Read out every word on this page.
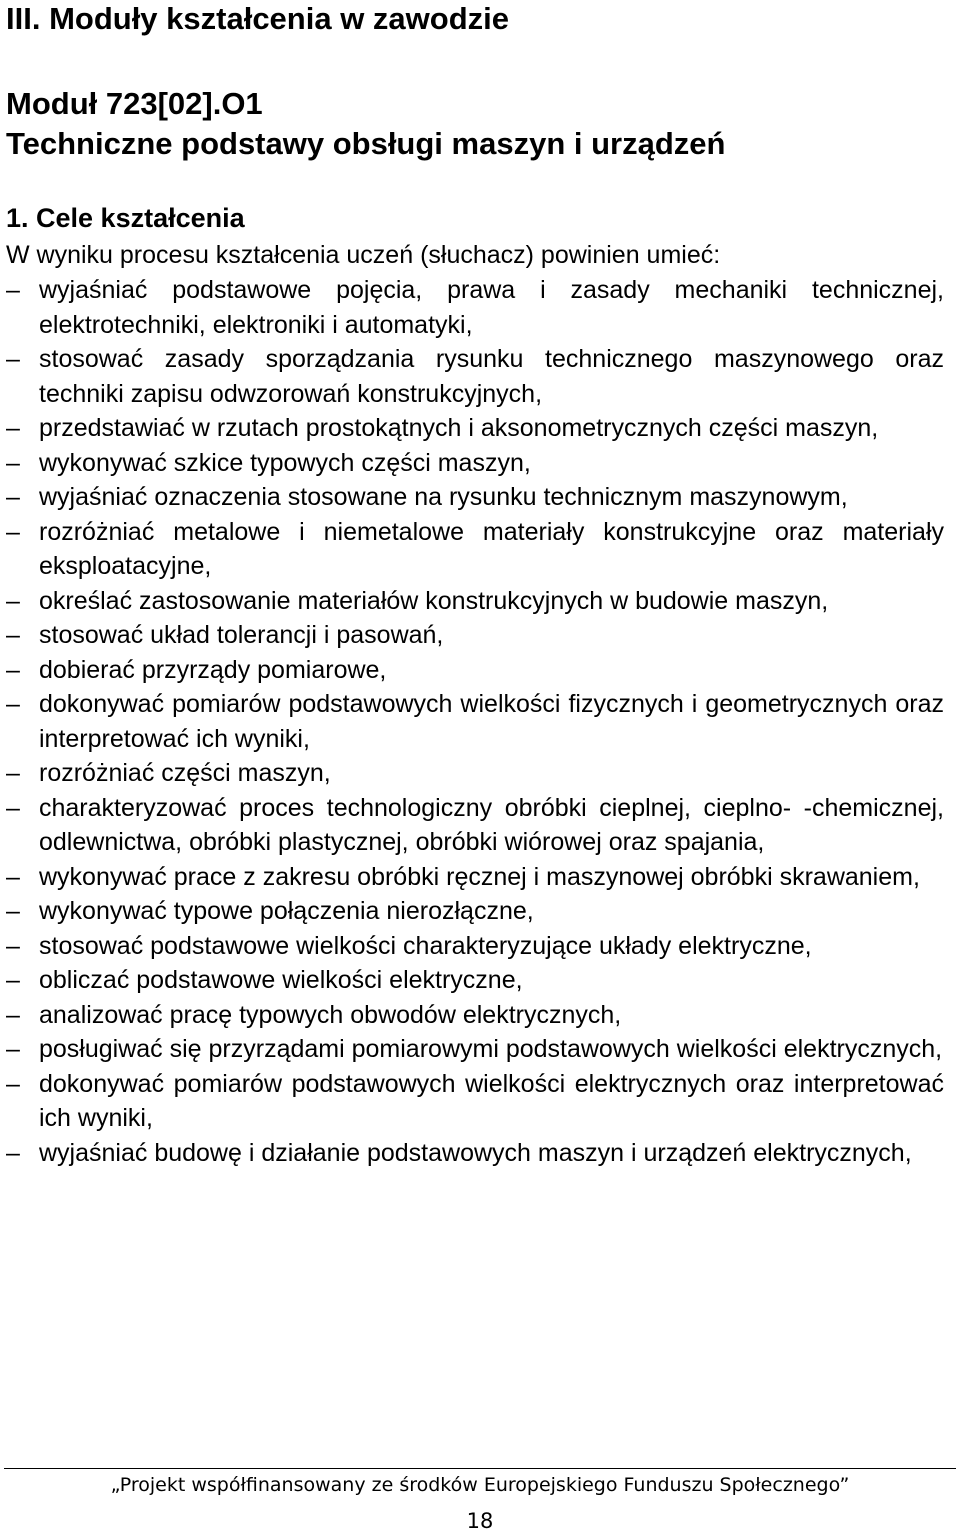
III. Moduły kształcenia w zawodzie
Moduł 723[02].O1
Techniczne podstawy obsługi maszyn i urządzeń
1. Cele kształcenia
W wyniku procesu kształcenia uczeń (słuchacz) powinien umieć:
– wyjaśniać podstawowe pojęcia, prawa i zasady mechaniki technicznej, elektrotechniki, elektroniki i automatyki,
– stosować zasady sporządzania rysunku technicznego maszynowego oraz techniki zapisu odwzorowań konstrukcyjnych,
– przedstawiać w rzutach prostokątnych i aksonometrycznych części maszyn,
– wykonywać szkice typowych części maszyn,
– wyjaśniać oznaczenia stosowane na rysunku technicznym maszynowym,
– rozróżniać metalowe i niemetalowe materiały konstrukcyjne oraz materiały eksploatacyjne,
– określać zastosowanie materiałów konstrukcyjnych w budowie maszyn,
– stosować układ tolerancji i pasowań,
– dobierać przyrządy pomiarowe,
– dokonywać pomiarów podstawowych wielkości fizycznych i geometrycznych oraz interpretować ich wyniki,
– rozróżniać części maszyn,
– charakteryzować proces technologiczny obróbki cieplnej, cieplno- -chemicznej, odlewnictwa, obróbki plastycznej, obróbki wiórowej oraz spajania,
– wykonywać prace z zakresu obróbki ręcznej i maszynowej obróbki skrawaniem,
– wykonywać typowe połączenia nierozłączne,
– stosować podstawowe wielkości charakteryzujące układy elektryczne,
– obliczać podstawowe wielkości elektryczne,
– analizować pracę typowych obwodów elektrycznych,
– posługiwać się przyrządami pomiarowymi podstawowych wielkości elektrycznych,
– dokonywać pomiarów podstawowych wielkości elektrycznych oraz interpretować ich wyniki,
– wyjaśniać budowę i działanie podstawowych maszyn i urządzeń elektrycznych,
„Projekt współfinansowany ze środków Europejskiego Funduszu Społecznego”
18
